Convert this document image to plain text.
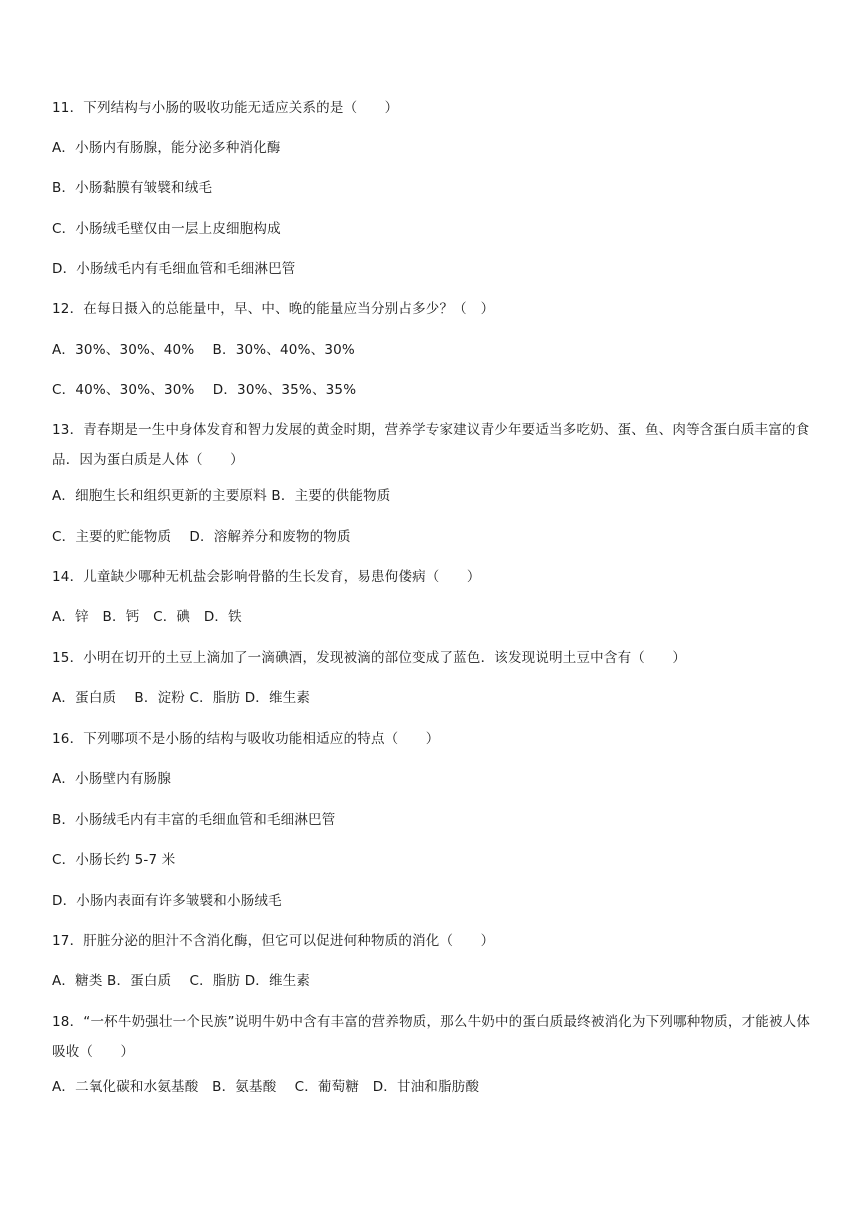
11．下列结构与小肠的吸收功能无适应关系的是（　　）
A．小肠内有肠腺，能分泌多种消化酶
B．小肠黏膜有皱襞和绒毛
C．小肠绒毛壁仅由一层上皮细胞构成
D．小肠绒毛内有毛细血管和毛细淋巴管
12．在每日摄入的总能量中，早、中、晚的能量应当分别占多少？（　）
A．30%、30%、40%　 B．30%、40%、30%
C．40%、30%、30%　 D．30%、35%、35%
13．青春期是一生中身体发育和智力发展的黄金时期，营养学专家建议青少年要适当多吃奶、蛋、鱼、肉等含蛋白质丰富的食品．因为蛋白质是人体（　　）
A．细胞生长和组织更新的主要原料 B．主要的供能物质
C．主要的贮能物质　 D．溶解养分和废物的物质
14．儿童缺少哪种无机盐会影响骨骼的生长发育，易患佝偻病（　　）
A．锌　B．钙　C．碘　D．铁
15．小明在切开的土豆上滴加了一滴碘酒，发现被滴的部位变成了蓝色．该发现说明土豆中含有（　　）
A．蛋白质　 B．淀粉 C．脂肪 D．维生素
16．下列哪项不是小肠的结构与吸收功能相适应的特点（　　）
A．小肠壁内有肠腺
B．小肠绒毛内有丰富的毛细血管和毛细淋巴管
C．小肠长约 5-7 米
D．小肠内表面有许多皱襞和小肠绒毛
17．肝脏分泌的胆汁不含消化酶，但它可以促进何种物质的消化（　　）
A．糖类 B．蛋白质　 C．脂肪 D．维生素
18．“一杯牛奶强壮一个民族”说明牛奶中含有丰富的营养物质，那么牛奶中的蛋白质最终被消化为下列哪种物质，才能被人体吸收（　　）
A．二氧化碳和水氨基酸　B．氨基酸　 C．葡萄糖　D．甘油和脂肪酸
